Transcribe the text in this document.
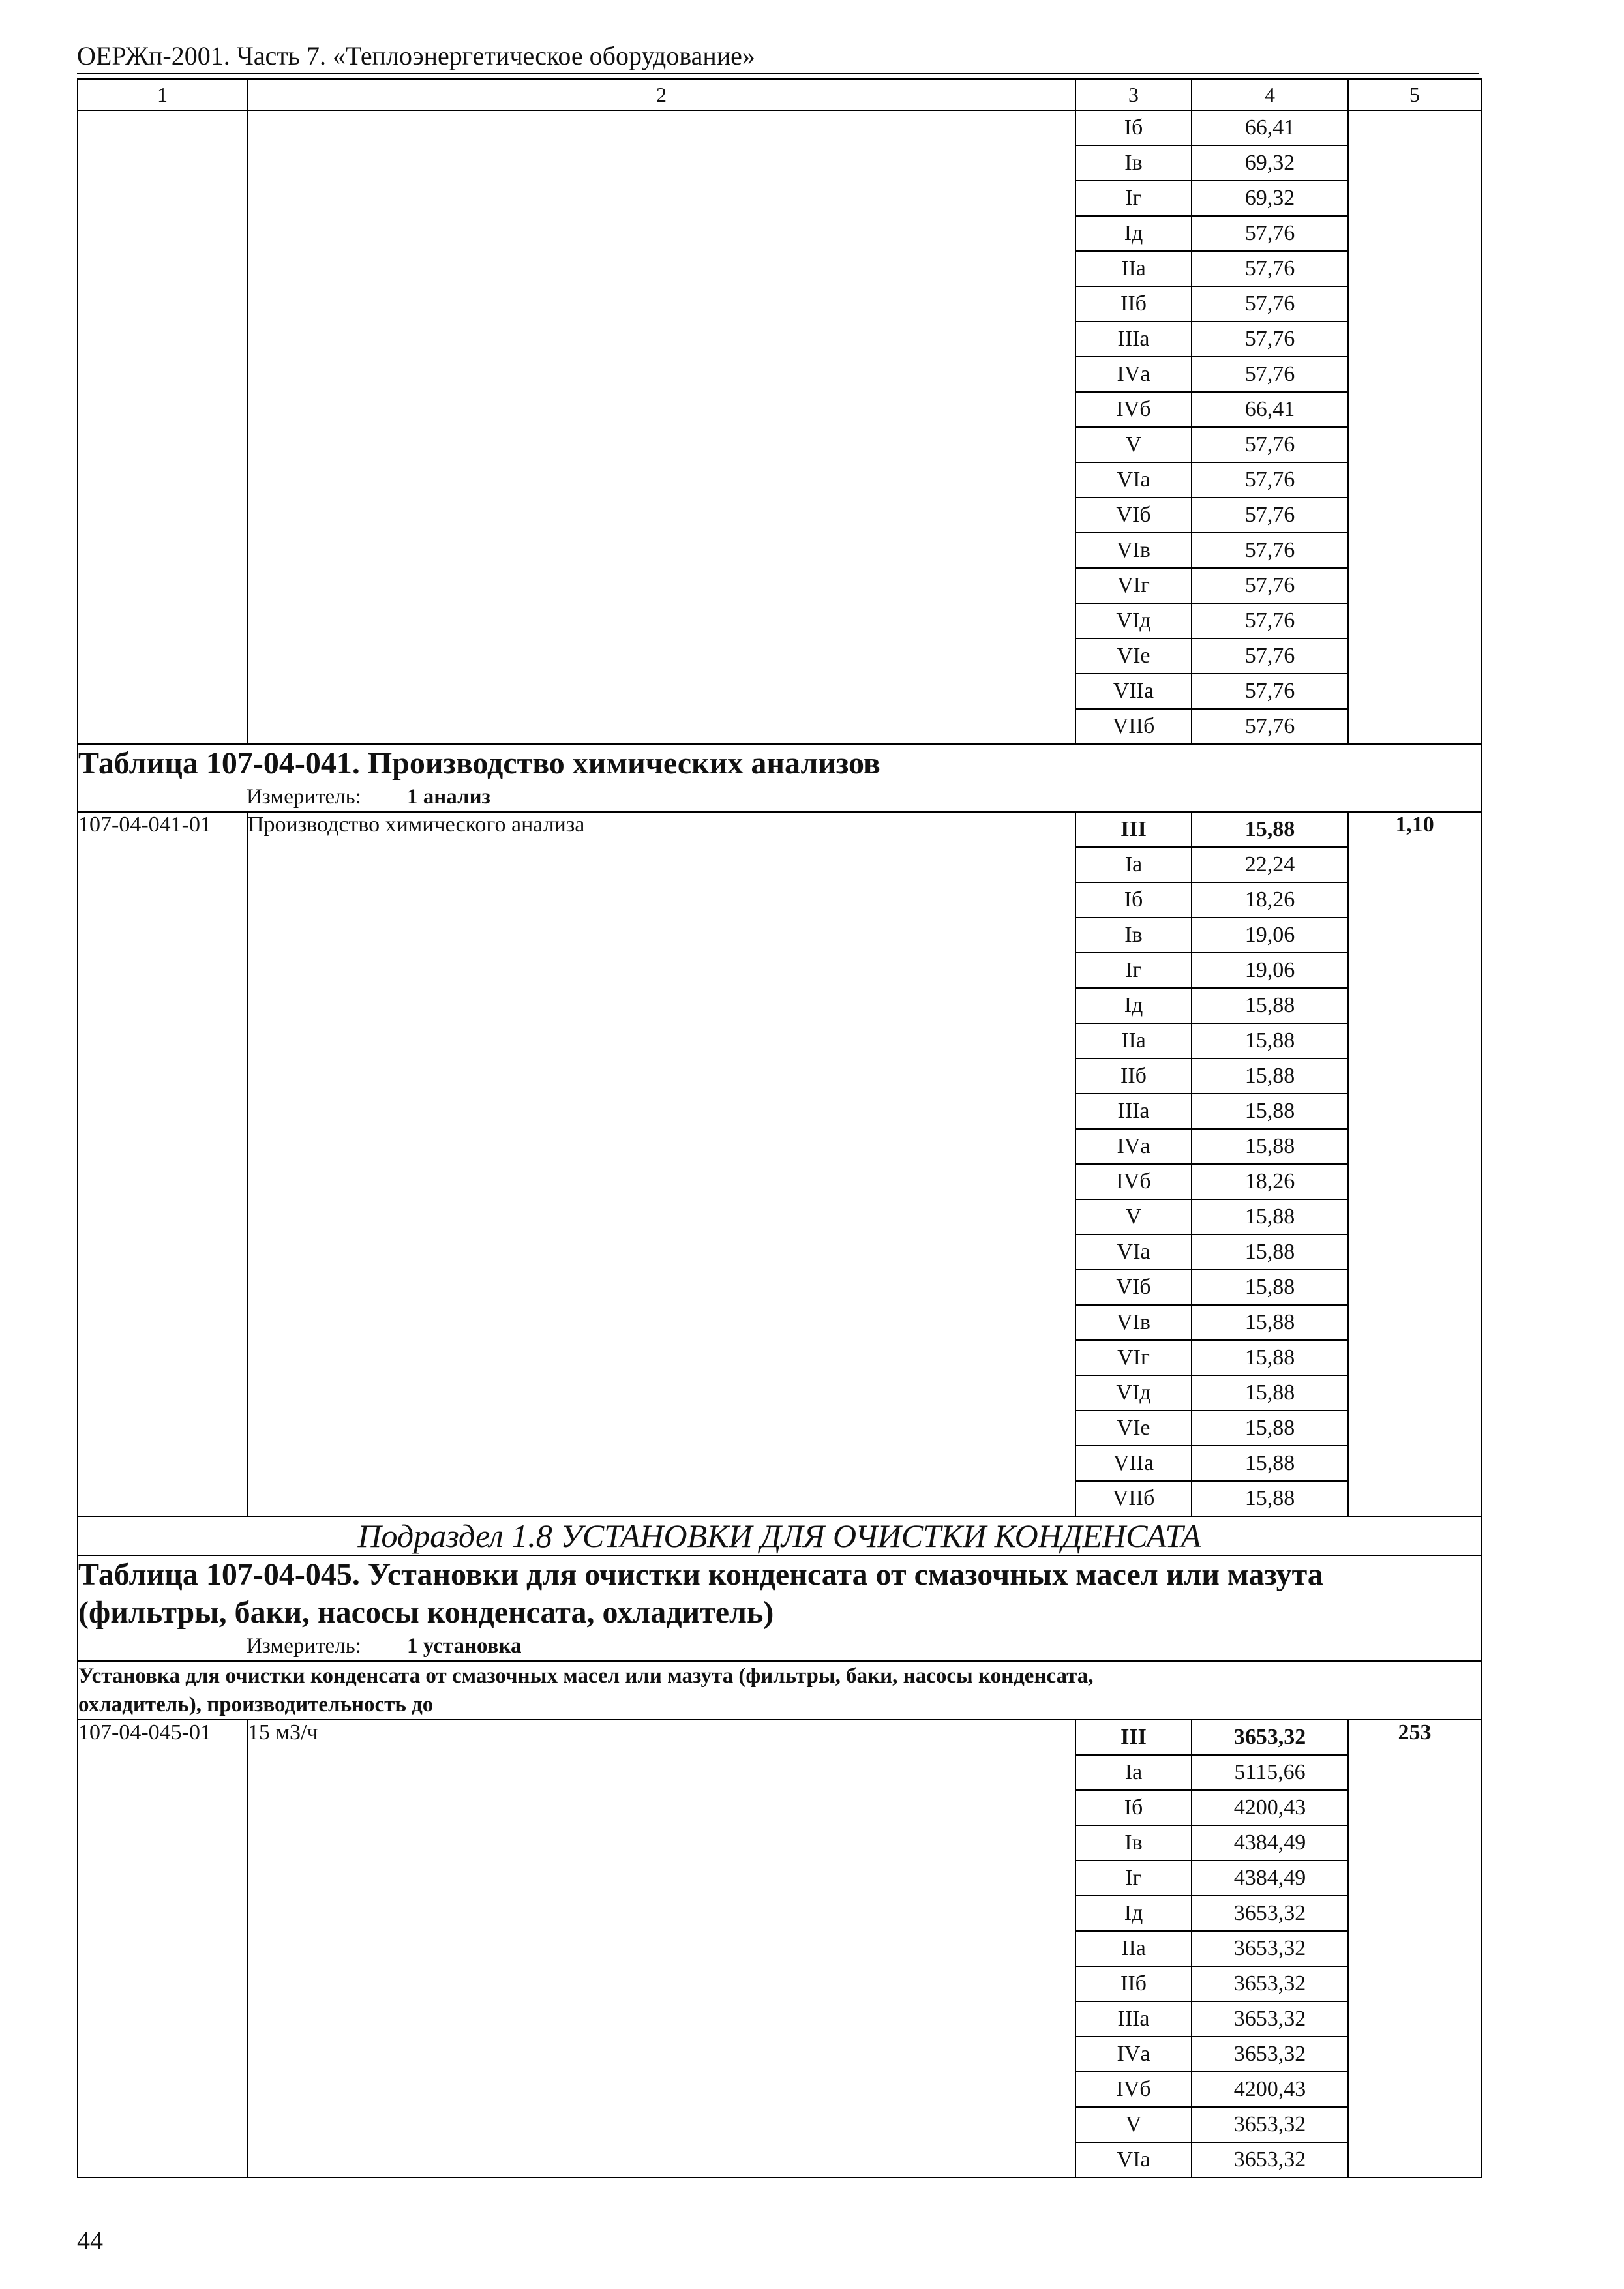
ОЕРЖп-2001. Часть 7. «Теплоэнергетическое оборудование»
1	2	3	4	5
		Iб	66,41	
		Iв	69,32	
		Iг	69,32	
		Iд	57,76	
		IIа	57,76	
		IIб	57,76	
		IIIа	57,76	
		IVа	57,76	
		IVб	66,41	
		V	57,76	
		VIа	57,76	
		VIб	57,76	
		VIв	57,76	
		VIг	57,76	
		VIд	57,76	
		VIе	57,76	
		VIIа	57,76	
		VIIб	57,76	

Таблица 107-04-041. Производство химических анализов
Измеритель: 1 анализ				

107-04-041-01	Производство химического анализа	III	15,88	1,10
		Iа	22,24	
		Iб	18,26	
		Iв	19,06	
		Iг	19,06	
		Iд	15,88	
		IIа	15,88	
		IIб	15,88	
		IIIа	15,88	
		IVа	15,88	
		IVб	18,26	
		V	15,88	
		VIа	15,88	
		VIб	15,88	
		VIв	15,88	
		VIг	15,88	
		VIд	15,88	
		VIе	15,88	
		VIIа	15,88	
		VIIб	15,88	
Подраздел 1.8 УСТАНОВКИ ДЛЯ ОЧИСТКИ КОНДЕНСАТА				

Таблица 107-04-045. Установки для очистки конденсата от смазочных масел или мазута
(фильтры, баки, насосы конденсата, охладитель)
Измеритель: 1 установка				

Установка для очистки конденсата от смазочных масел или мазута (фильтры, баки, насосы конденсата,
охладитель), производительность до				

107-04-045-01	15 м3/ч	III	3653,32	253
		Iа	5115,66	
		Iб	4200,43	
		Iв	4384,49	
		Iг	4384,49	
		Iд	3653,32	
		IIа	3653,32	
		IIб	3653,32	
		IIIа	3653,32	
		IVа	3653,32	
		IVб	4200,43	
		V	3653,32	
		VIа	3653,32	
44
